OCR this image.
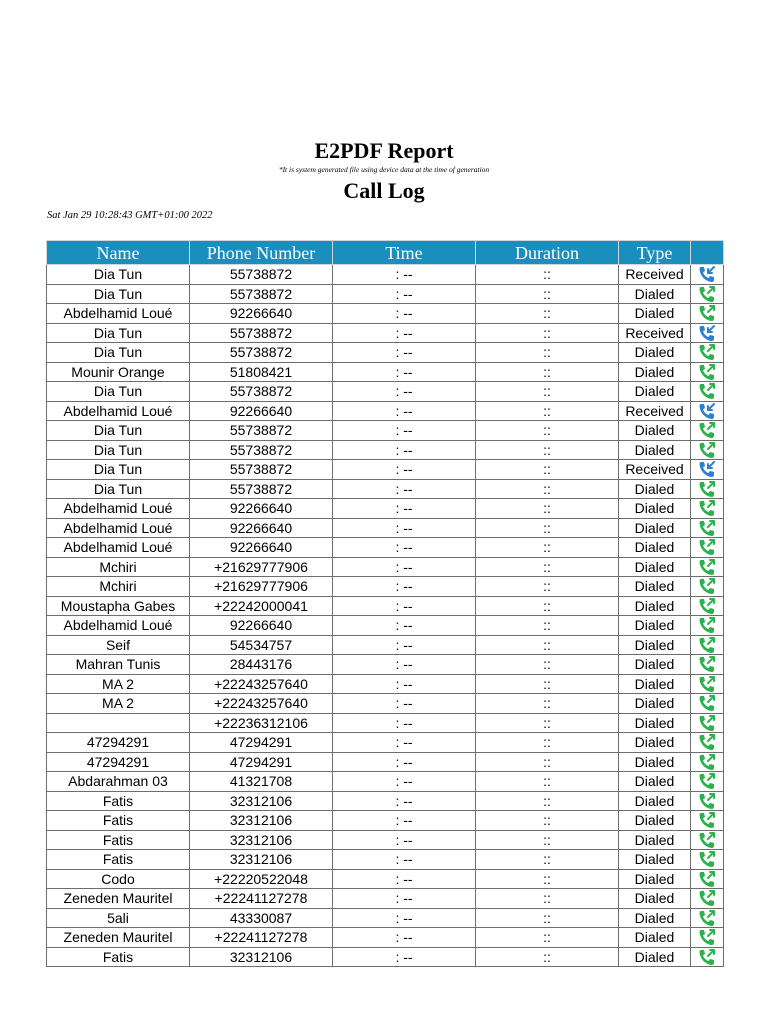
E2PDF Report
*It is system generated file using device data at the time of generation
Call Log
Sat Jan 29 10:28:43 GMT+01:00 2022
Name	Phone Number	Time	Duration	Type	
Dia Tun	55738872	: --	::	Received	

Dia Tun	55738872	: --	::	Dialed	

Abdelhamid Loué	92266640	: --	::	Dialed	

Dia Tun	55738872	: --	::	Received	

Dia Tun	55738872	: --	::	Dialed	

Mounir Orange	51808421	: --	::	Dialed	

Dia Tun	55738872	: --	::	Dialed	

Abdelhamid Loué	92266640	: --	::	Received	

Dia Tun	55738872	: --	::	Dialed	

Dia Tun	55738872	: --	::	Dialed	

Dia Tun	55738872	: --	::	Received	

Dia Tun	55738872	: --	::	Dialed	

Abdelhamid Loué	92266640	: --	::	Dialed	

Abdelhamid Loué	92266640	: --	::	Dialed	

Abdelhamid Loué	92266640	: --	::	Dialed	

Mchiri	+21629777906	: --	::	Dialed	

Mchiri	+21629777906	: --	::	Dialed	

Moustapha Gabes	+22242000041	: --	::	Dialed	

Abdelhamid Loué	92266640	: --	::	Dialed	

Seif	54534757	: --	::	Dialed	

Mahran Tunis	28443176	: --	::	Dialed	

MA 2	+22243257640	: --	::	Dialed	

MA 2	+22243257640	: --	::	Dialed	

	+22236312106	: --	::	Dialed	

47294291	47294291	: --	::	Dialed	

47294291	47294291	: --	::	Dialed	

Abdarahman 03	41321708	: --	::	Dialed	

Fatis	32312106	: --	::	Dialed	

Fatis	32312106	: --	::	Dialed	

Fatis	32312106	: --	::	Dialed	

Fatis	32312106	: --	::	Dialed	

Codo	+22220522048	: --	::	Dialed	

Zeneden Mauritel	+22241127278	: --	::	Dialed	

5ali	43330087	: --	::	Dialed	

Zeneden Mauritel	+22241127278	: --	::	Dialed	

Fatis	32312106	: --	::	Dialed	
